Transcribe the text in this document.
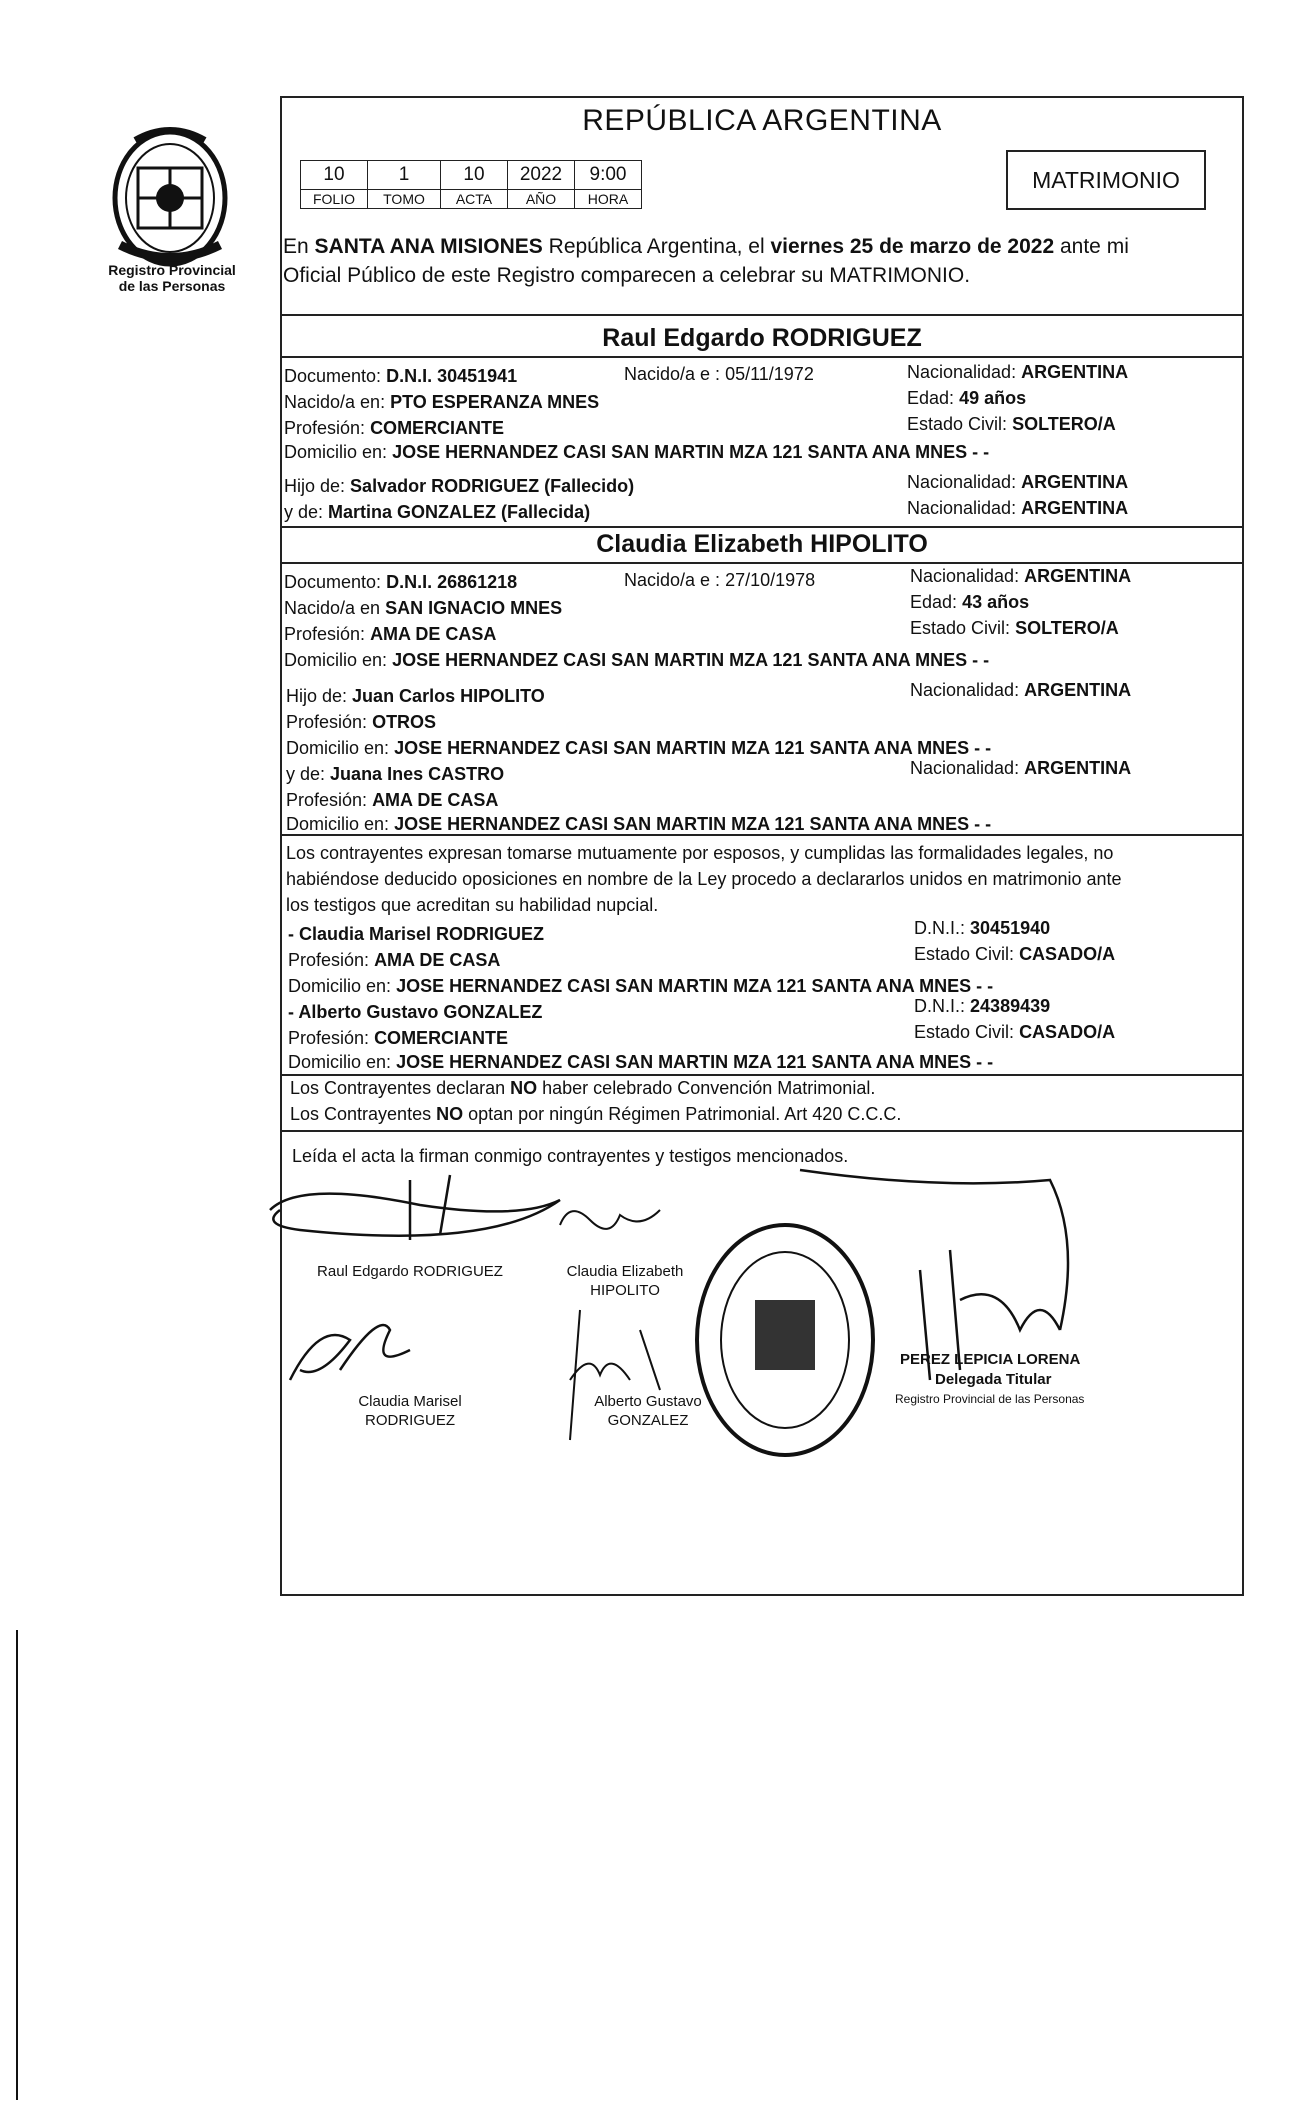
Registro Provincial
de las Personas
REPÚBLICA ARGENTINA
10	1	10	2022	9:00
FOLIO	TOMO	ACTA	AÑO	HORA
MATRIMONIO
En SANTA ANA MISIONES República Argentina, el viernes 25 de marzo de 2022 ante mi
Oficial Público de este Registro comparecen a celebrar su MATRIMONIO.
Raul Edgardo RODRIGUEZ
Documento: D.N.I. 30451941	Nacido/a e : 05/11/1972	Nacionalidad: ARGENTINA
Nacido/a en: PTO ESPERANZA MNES	Edad: 49 años
Profesión: COMERCIANTE	Estado Civil: SOLTERO/A
Domicilio en: JOSE HERNANDEZ CASI SAN MARTIN MZA 121 SANTA ANA MNES - -
Hijo de: Salvador RODRIGUEZ (Fallecido)	Nacionalidad: ARGENTINA
y de: Martina GONZALEZ (Fallecida)	Nacionalidad: ARGENTINA
Claudia Elizabeth HIPOLITO
Documento: D.N.I. 26861218	Nacido/a e : 27/10/1978	Nacionalidad: ARGENTINA
Nacido/a en SAN IGNACIO MNES	Edad: 43 años
Profesión: AMA DE CASA	Estado Civil: SOLTERO/A
Domicilio en: JOSE HERNANDEZ CASI SAN MARTIN MZA 121 SANTA ANA MNES - -
Hijo de: Juan Carlos HIPOLITO	Nacionalidad: ARGENTINA
Profesión: OTROS
Domicilio en: JOSE HERNANDEZ CASI SAN MARTIN MZA 121 SANTA ANA MNES - -
y de: Juana Ines CASTRO	Nacionalidad: ARGENTINA
Profesión: AMA DE CASA
Domicilio en: JOSE HERNANDEZ CASI SAN MARTIN MZA 121 SANTA ANA MNES - -
Los contrayentes expresan tomarse mutuamente por esposos, y cumplidas las formalidades legales, no
habiéndose deducido oposiciones en nombre de la Ley procedo a declararlos unidos en matrimonio ante
los testigos que acreditan su habilidad nupcial.
- Claudia Marisel RODRIGUEZ	D.N.I.: 30451940
Profesión: AMA DE CASA	Estado Civil: CASADO/A
Domicilio en: JOSE HERNANDEZ CASI SAN MARTIN MZA 121 SANTA ANA MNES - -
- Alberto Gustavo GONZALEZ	D.N.I.: 24389439
Profesión: COMERCIANTE	Estado Civil: CASADO/A
Domicilio en: JOSE HERNANDEZ CASI SAN MARTIN MZA 121 SANTA ANA MNES - -
Los Contrayentes declaran NO haber celebrado Convención Matrimonial.
Los Contrayentes NO optan por ningún Régimen Patrimonial. Art 420 C.C.C.
Leída el acta la firman conmigo contrayentes y testigos mencionados.
Raul Edgardo RODRIGUEZ	Claudia Elizabeth
HIPOLITO
Claudia Marisel
RODRIGUEZ
Alberto Gustavo
GONZALEZ
PEREZ LEPICIA LORENA
Delegada Titular
Registro Provincial de las Personas
